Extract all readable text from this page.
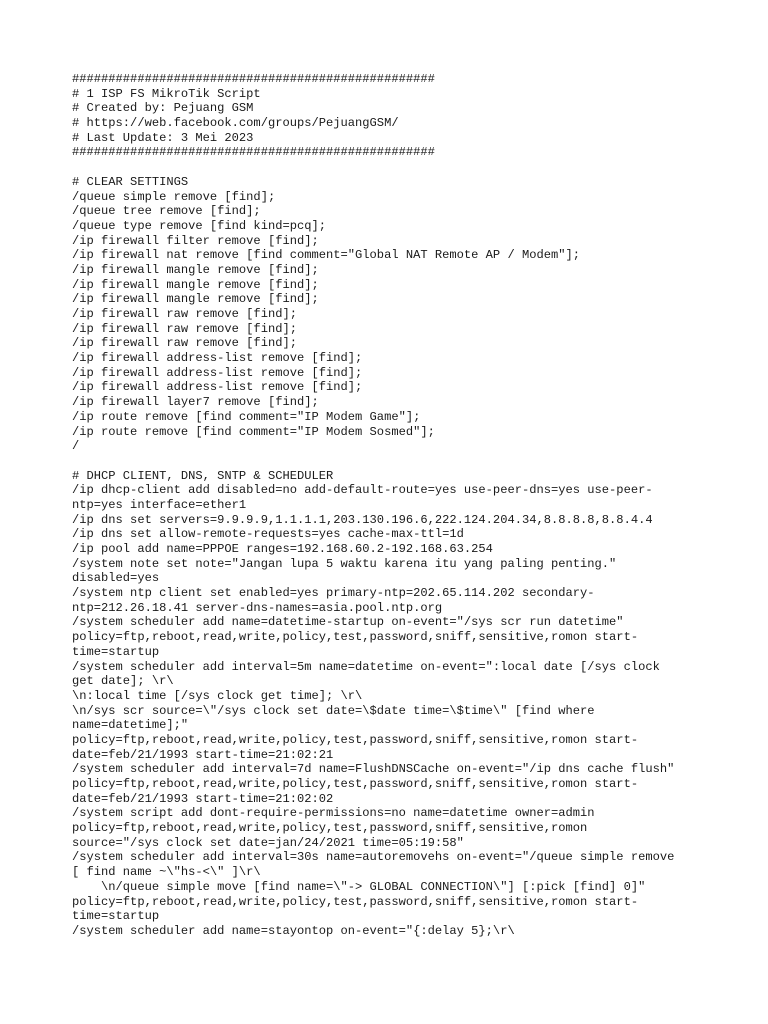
##################################################
# 1 ISP FS MikroTik Script
# Created by: Pejuang GSM
# https://web.facebook.com/groups/PejuangGSM/
# Last Update: 3 Mei 2023
##################################################
# CLEAR SETTINGS
/queue simple remove [find];
/queue tree remove [find];
/queue type remove [find kind=pcq];
/ip firewall filter remove [find];
/ip firewall nat remove [find comment="Global NAT Remote AP / Modem"];
/ip firewall mangle remove [find];
/ip firewall mangle remove [find];
/ip firewall mangle remove [find];
/ip firewall raw remove [find];
/ip firewall raw remove [find];
/ip firewall raw remove [find];
/ip firewall address-list remove [find];
/ip firewall address-list remove [find];
/ip firewall address-list remove [find];
/ip firewall layer7 remove [find];
/ip route remove [find comment="IP Modem Game"];
/ip route remove [find comment="IP Modem Sosmed"];
/
# DHCP CLIENT, DNS, SNTP & SCHEDULER
/ip dhcp-client add disabled=no add-default-route=yes use-peer-dns=yes use-peer-
ntp=yes interface=ether1
/ip dns set servers=9.9.9.9,1.1.1.1,203.130.196.6,222.124.204.34,8.8.8.8,8.8.4.4
/ip dns set allow-remote-requests=yes cache-max-ttl=1d
/ip pool add name=PPPOE ranges=192.168.60.2-192.168.63.254
/system note set note="Jangan lupa 5 waktu karena itu yang paling penting."
disabled=yes
/system ntp client set enabled=yes primary-ntp=202.65.114.202 secondary-
ntp=212.26.18.41 server-dns-names=asia.pool.ntp.org
/system scheduler add name=datetime-startup on-event="/sys scr run datetime"
policy=ftp,reboot,read,write,policy,test,password,sniff,sensitive,romon start-
time=startup
/system scheduler add interval=5m name=datetime on-event=":local date [/sys clock
get date]; \r\
\n:local time [/sys clock get time]; \r\
\n/sys scr source=\"/sys clock set date=\$date time=\$time\" [find where
name=datetime];"
policy=ftp,reboot,read,write,policy,test,password,sniff,sensitive,romon start-
date=feb/21/1993 start-time=21:02:21
/system scheduler add interval=7d name=FlushDNSCache on-event="/ip dns cache flush"
policy=ftp,reboot,read,write,policy,test,password,sniff,sensitive,romon start-
date=feb/21/1993 start-time=21:02:02
/system script add dont-require-permissions=no name=datetime owner=admin
policy=ftp,reboot,read,write,policy,test,password,sniff,sensitive,romon
source="/sys clock set date=jan/24/2021 time=05:19:58"
/system scheduler add interval=30s name=autoremovehs on-event="/queue simple remove
[ find name ~\"hs-<\" ]\r\
\n/queue simple move [find name=\"-> GLOBAL CONNECTION\"] [:pick [find] 0]"
policy=ftp,reboot,read,write,policy,test,password,sniff,sensitive,romon start-
time=startup
/system scheduler add name=stayontop on-event="{:delay 5};\r\
